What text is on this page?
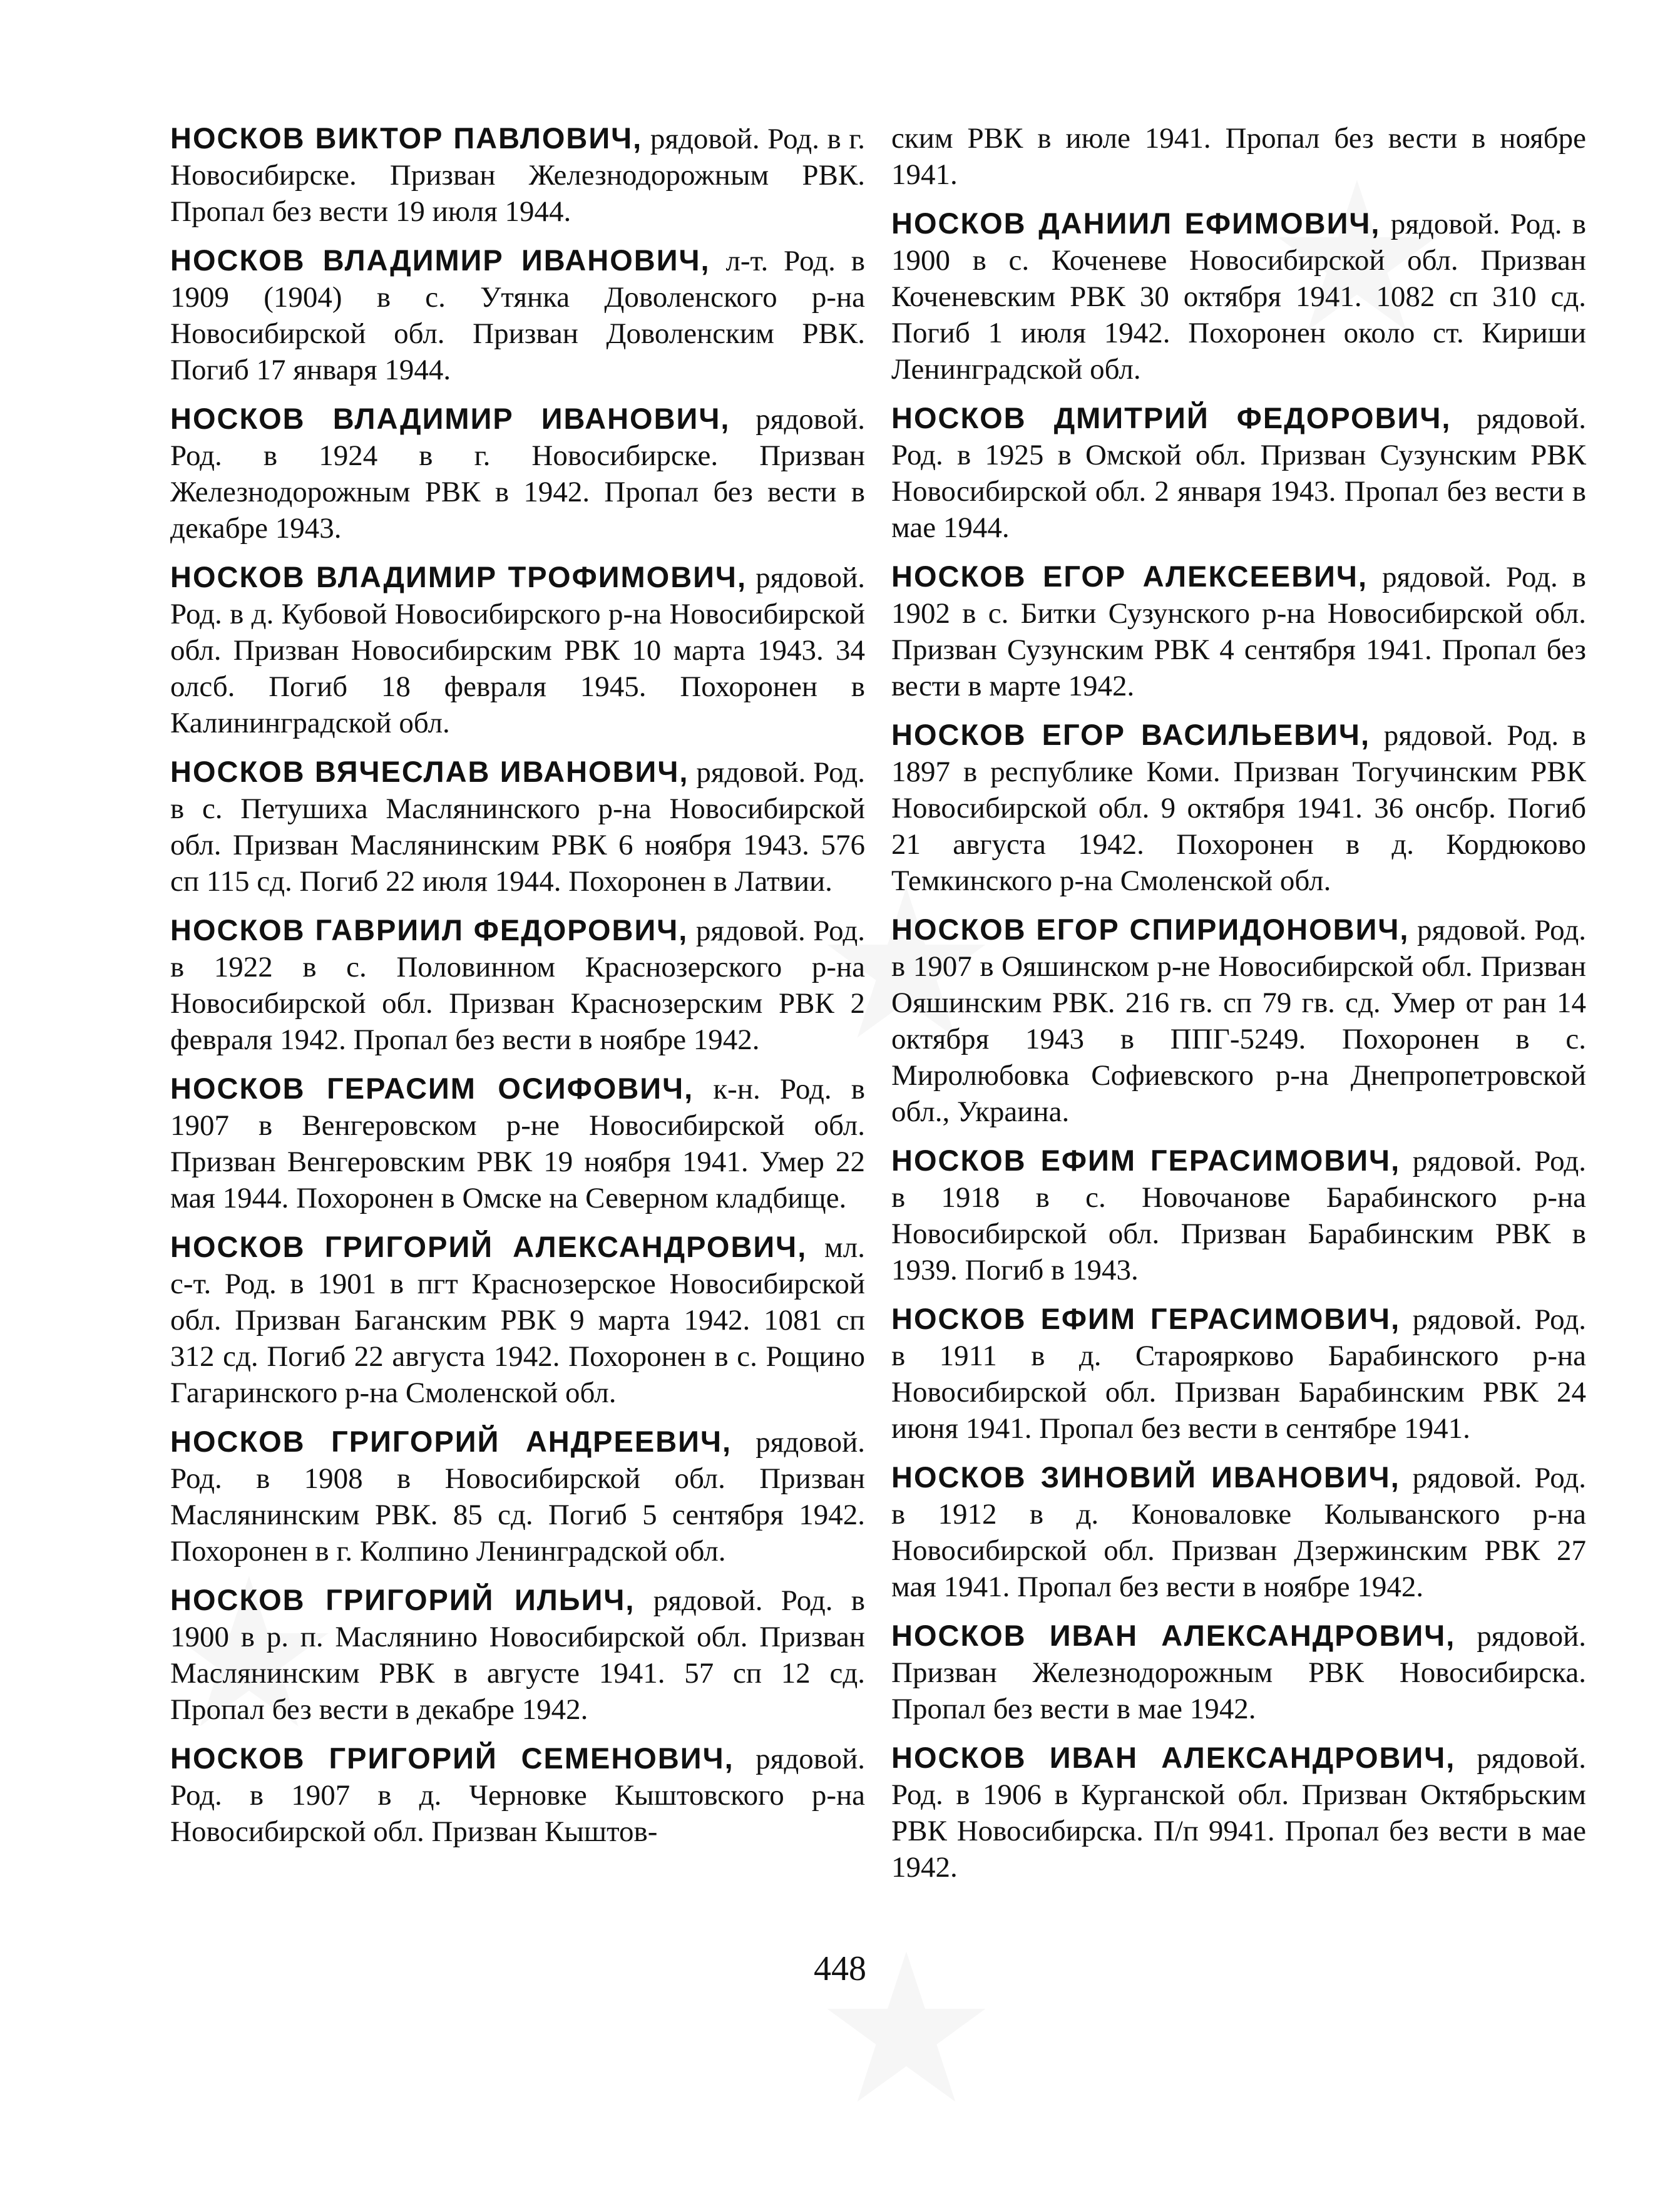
НОСКОВ ВИКТОР ПАВЛОВИЧ, рядовой. Род. в г. Новосибирске. Призван Железнодорожным РВК. Пропал без вести 19 июля 1944.

НОСКОВ ВЛАДИМИР ИВАНОВИЧ, л-т. Род. в 1909 (1904) в с. Утянка Доволенского р-на Новосибирской обл. Призван Доволенским РВК. Погиб 17 января 1944.

НОСКОВ ВЛАДИМИР ИВАНОВИЧ, рядовой. Род. в 1924 в г. Новосибирске. Призван Железнодорожным РВК в 1942. Пропал без вести в декабре 1943.

НОСКОВ ВЛАДИМИР ТРОФИМОВИЧ, рядовой. Род. в д. Кубовой Новосибирского р-на Новосибирской обл. Призван Новосибирским РВК 10 марта 1943. 34 олсб. Погиб 18 февраля 1945. Похоронен в Калининградской обл.

НОСКОВ ВЯЧЕСЛАВ ИВАНОВИЧ, рядовой. Род. в с. Петушиха Маслянинского р-на Новосибирской обл. Призван Маслянинским РВК 6 ноября 1943. 576 сп 115 сд. Погиб 22 июля 1944. Похоронен в Латвии.

НОСКОВ ГАВРИИЛ ФЕДОРОВИЧ, рядовой. Род. в 1922 в с. Половинном Краснозерского р-на Новосибирской обл. Призван Краснозерским РВК 2 февраля 1942. Пропал без вести в ноябре 1942.

НОСКОВ ГЕРАСИМ ОСИФОВИЧ, к-н. Род. в 1907 в Венгеровском р-не Новосибирской обл. Призван Венгеровским РВК 19 ноября 1941. Умер 22 мая 1944. Похоронен в Омске на Северном кладбище.

НОСКОВ ГРИГОРИЙ АЛЕКСАНДРОВИЧ, мл. с-т. Род. в 1901 в пгт Краснозерское Новосибирской обл. Призван Баганским РВК 9 марта 1942. 1081 сп 312 сд. Погиб 22 августа 1942. Похоронен в с. Рощино Гагаринского р-на Смоленской обл.

НОСКОВ ГРИГОРИЙ АНДРЕЕВИЧ, рядовой. Род. в 1908 в Новосибирской обл. Призван Маслянинским РВК. 85 сд. Погиб 5 сентября 1942. Похоронен в г. Колпино Ленинградской обл.

НОСКОВ ГРИГОРИЙ ИЛЬИЧ, рядовой. Род. в 1900 в р. п. Маслянино Новосибирской обл. Призван Маслянинским РВК в августе 1941. 57 сп 12 сд. Пропал без вести в декабре 1942.

НОСКОВ ГРИГОРИЙ СЕМЕНОВИЧ, рядовой. Род. в 1907 в д. Черновке Кыштовского р-на Новосибирской обл. Призван Кыштов-

ским РВК в июле 1941. Пропал без вести в ноябре 1941.

НОСКОВ ДАНИИЛ ЕФИМОВИЧ, рядовой. Род. в 1900 в с. Коченеве Новосибирской обл. Призван Коченевским РВК 30 октября 1941. 1082 сп 310 сд. Погиб 1 июля 1942. Похоронен около ст. Кириши Ленинградской обл.

НОСКОВ ДМИТРИЙ ФЕДОРОВИЧ, рядовой. Род. в 1925 в Омской обл. Призван Сузунским РВК Новосибирской обл. 2 января 1943. Пропал без вести в мае 1944.

НОСКОВ ЕГОР АЛЕКСЕЕВИЧ, рядовой. Род. в 1902 в с. Битки Сузунского р-на Новосибирской обл. Призван Сузунским РВК 4 сентября 1941. Пропал без вести в марте 1942.

НОСКОВ ЕГОР ВАСИЛЬЕВИЧ, рядовой. Род. в 1897 в республике Коми. Призван Тогучинским РВК Новосибирской обл. 9 октября 1941. 36 онсбр. Погиб 21 августа 1942. Похоронен в д. Кордюково Темкинского р-на Смоленской обл.

НОСКОВ ЕГОР СПИРИДОНОВИЧ, рядовой. Род. в 1907 в Ояшинском р-не Новосибирской обл. Призван Ояшинским РВК. 216 гв. сп 79 гв. сд. Умер от ран 14 октября 1943 в ППГ-5249. Похоронен в с. Миролюбовка Софиевского р-на Днепропетровской обл., Украина.

НОСКОВ ЕФИМ ГЕРАСИМОВИЧ, рядовой. Род. в 1918 в с. Новочанове Барабинского р-на Новосибирской обл. Призван Барабинским РВК в 1939. Погиб в 1943.

НОСКОВ ЕФИМ ГЕРАСИМОВИЧ, рядовой. Род. в 1911 в д. Староярково Барабинского р-на Новосибирской обл. Призван Барабинским РВК 24 июня 1941. Пропал без вести в сентябре 1941.

НОСКОВ ЗИНОВИЙ ИВАНОВИЧ, рядовой. Род. в 1912 в д. Коноваловке Колыванского р-на Новосибирской обл. Призван Дзержинским РВК 27 мая 1941. Пропал без вести в ноябре 1942.

НОСКОВ ИВАН АЛЕКСАНДРОВИЧ, рядовой. Призван Железнодорожным РВК Новосибирска. Пропал без вести в мае 1942.

НОСКОВ ИВАН АЛЕКСАНДРОВИЧ, рядовой. Род. в 1906 в Курганской обл. Призван Октябрьским РВК Новосибирска. П/п 9941. Пропал без вести в мае 1942.

448
